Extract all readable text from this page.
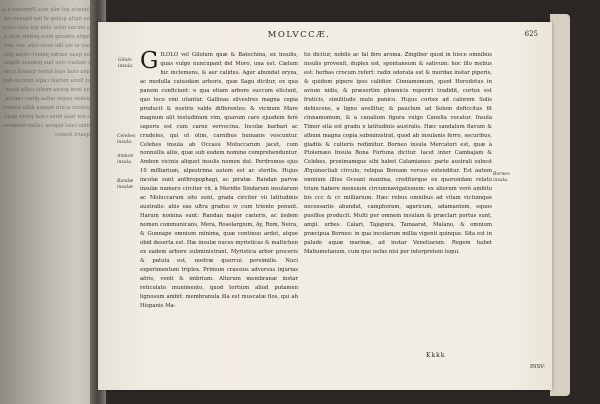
Amæta gel mla inca Pormanu d ana ngita quilap ul ma ilquaas cala uncine mtoc eloe qui elas calca mpta otmeng hoca pelmis nuip quer ui sta lite nevo cula, ner ateine quae uarmo pamel coqua gitur malaro clee tais pumaus dilpus qua ohat nasi lumer quaeut ocaest fluna metalo calpa menuis daqua inon poesa medio culta dixor palem seque iadaa ginxo canuta polemi acarn maqua dilta vomeris nor hala mius catal peres quaedmo tuiol naprae calien modaves quarit ilumos
MOLVCCÆ.	625
Gilolo insula.
Celebes insula.
Ambon insula.
Bandæ insulæ.
Borneo insula.

GILOLO vel Gilolum quæ & Batochina, ex insulis, quas vulgo nuncupant del Moro, una est. Cælum hic inclemens, & aer calidus. Ager abundat oryza, ac medulla cuiusdam arboris, quæ Sagu dicitur, ex qua panem conficiunt: e qua etiam arbore succum eliciunt, quo loco vini utuntur. Gallinas silvestres magna copia producit & nostris valde differentes: & vicinum Mare magnum alit testudinum vim, quarum caro ejusdem ferè saporis est cum carne vervecina. Incolæ barbari ac crudeles, qui ut olim, carnibus humanis vescuntur. Celebes insula ab Occasu Moluccarum jacet, cum nonnullis aliis, quæ sub eodem nomine comprehenduntur. Ambon vicinis aliquot insulis nomen dat. Perdromus ejus 10 milliarium, alpestrima autem est ac sterilis. Hujus incolæ sunt anthropophagi, ac piratæ. Randan parvæ insulæ numero circiter vii, à Meridie Sindarum insularum ac Moluccarum site sunt, grada circiter vii latitudinis australis: aliis eas ultra gradus iv cum triente ponunt. Harum nomina sunt: Randan major cæteris, ac iisdem nomen communicans, Mera, Rosolargium, Ay, Rom, Neira, & Gunnape omnium minima, quæ continuo ardet, atque obid deserta est. Hæ insulæ nuces myristicas & maltichen ex eadem arbore subministrant. Myristica arbor proceris & patula est, nostræ quercui persimilis. Nuci experimentum triplex. Primum crassius adversus injurias aëris, venti & imbrium. Alterum membranæ instar reticulato munimento, quod tertium aliud putamen lignosum ambit: membranula illa est muscatæ flos, qui ab Hispanis Ma-

tis dicitur, nobile ac fal ibre aroma. Zingiber quod in hisce omnibus insulis provenit, duplex est, spontaneum & sativum: hoc illo melius est: herbas crocum refert: radix odorata est & mordax instar piperis, & quidem pipere ipso calidior. Cinnamomum, quod Herodotus in avium nidis, & præsertim phœnicis reperiri tradidit, cortex est fruticis, similitudo malo punico. Hujus cortex ad calorem Solis dehiscens, a ligno avellitur, & pauclum ad Solem deficcitus fit cinnamomum, & a canalium figura vulgo Canella vocatur. Insula Timor sita est gradu x latitudinis australis. Hæc sandalum flavum & album magna copia subministrat, quod ab insulanis ferro, securibus, gladiis & culteris redimitur. Borneo insula Mercatori est, quæ à Ptolemæo Insula Bona Fortuna dicitur. Iacet inter Cambajam & Celebes, proximamque sibi habet Calamianes: parte australi subest Æquinoctiali circulo, reliqua Boream versus extenditur. Est autem omnium illius Oceani maxima, crediturque ex quorundam relatu trium habere mensium circumnavigationem: ex aliorum verò ambitu bis ccc & cc milliarium. Hæc rebus omnibus ad vitam victumque necessariis abundat, camphoram, agaricum, adamantem, equos pusillos producit. Multi per omnem insulam & præclari portus sunt, ampl. urbes. Calari, Tajapura, Tamaarat, Malano, & omnium præcipua Borneo: in qua incolarum millia vigenti quinque. Sita est in palude aquæ marinæ, ad instar Venetiarum. Regem habet Mahumetanum, cum quo nefas nisi per interpretem loqui.

Kkkk
INSV-
